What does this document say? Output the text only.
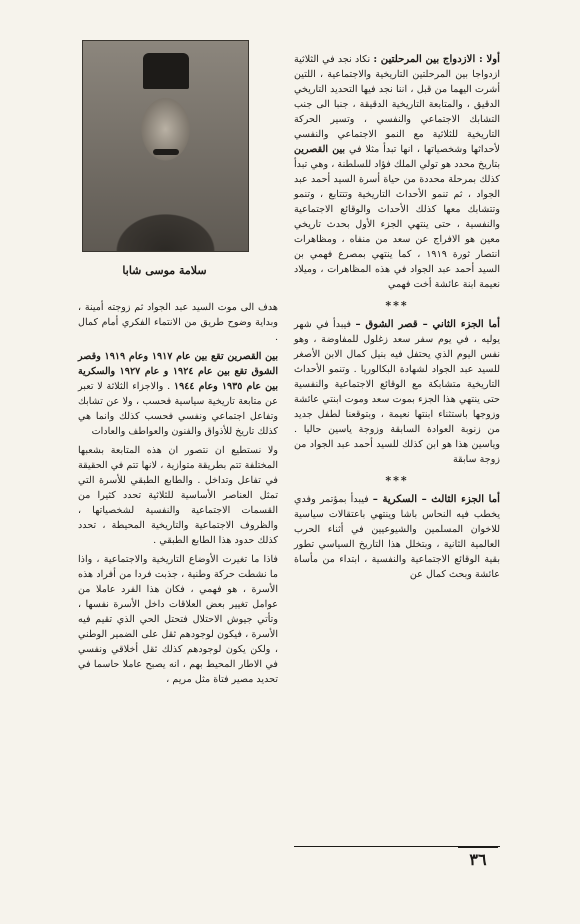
سلامة موسى شابا

أولا : الازدواج بين المرحلتين : نكاد نجد في الثلاثية ازدواجا بين المرحلتين التاريخية والاجتماعية ، اللتين أشرت اليهما من قبل ، اننا نجد فيها التحديد التاريخي الدقيق ، والمتابعة التاريخية الدقيقة ، جنبا الى جنب التشابك الاجتماعي والنفسي ، وتسير الحركة التاريخية للثلاثية مع النمو الاجتماعي والنفسي لأحداثها وشخصياتها ، انها تبدأ مثلا في بين القصرين بتاريخ محدد هو تولي الملك فؤاد للسلطنة ، وهي تبدأ كذلك بمرحلة محددة من حياة أسرة السيد أحمد عبد الجواد ، ثم تنمو الأحداث التاريخية وتتتابع ، وتنمو وتتشابك معها كذلك الأحداث والوقائع الاجتماعية والنفسية ، حتى ينتهي الجزء الأول بحدث تاريخي معين هو الافراج عن سعد من منفاه ، ومظاهرات انتصار ثورة ١٩١٩ ، كما ينتهي بمصرع فهمي بن السيد أحمد عبد الجواد في هذه المظاهرات ، وميلاد نعيمة ابنة عائشة أخت فهمي

***

أما الجزء الثاني – قصر الشوق – فيبدأ في شهر يوليه ، في يوم سفر سعد زغلول للمفاوضة ، وهو نفس اليوم الذي يحتفل فيه بنيل كمال الابن الأصغر للسيد عبد الجواد لشهادة البكالوريا . وتنمو الأحداث التاريخية متشابكة مع الوقائع الاجتماعية والنفسية حتى ينتهي هذا الجزء بموت سعد وموت ابنتي عائشة وزوجها باستثناء ابنتها نعيمة ، وبتوقعنا لطفل جديد من زنوبة العوادة السابقة وزوجة ياسين حاليا . وياسين هذا هو ابن كذلك للسيد أحمد عبد الجواد من زوجة سابقة

***

أما الجزء الثالث – السكرية – فيبدأ بمؤتمر وفدي يخطب فيه النحاس باشا وينتهي باعتقالات سياسية للاخوان المسلمين والشيوعيين في أثناء الحرب العالمية الثانية ، وبتخلل هذا التاريخ السياسي تطور بقية الوقائع الاجتماعية والنفسية ، ابتداء من مأساة عائشة وبحث كمال عن

هدف الى موت السيد عبد الجواد ثم زوجته أمينة ، وبداية وضوح طريق من الانتماء الفكري أمام كمال .

بين القصرين تقع بين عام ١٩١٧ وعام ١٩١٩ وقصر الشوق تقع بين عام ١٩٢٤ و عام ١٩٢٧ والسكرية بين عام ١٩٣٥ وعام ١٩٤٤ . والاجزاء الثلاثة لا تعبر عن متابعة تاريخية سياسية فحسب ، ولا عن تشابك وتفاعل اجتماعي ونفسي فحسب كذلك وانما هي كذلك تاريخ للأذواق والفنون والعواطف والعادات

ولا نستطيع ان نتصور ان هذه المتابعة بشعبها المختلفة تتم بطريقة متوازية ، لانها تتم في الحقيقة في تفاعل وتداخل . والطابع الطبقي للأسرة التي تمثل العناصر الأساسية للثلاثية تحدد كثيرا من القسمات الاجتماعية والنفسية لشخصياتها ، والظروف الاجتماعية والتاريخية المحيطة ، تحدد كذلك حدود هذا الطابع الطبقي .

فاذا ما تغيرت الأوضاع التاريخية والاجتماعية ، واذا ما نشطت حركة وطنية ، جذبت فردا من أفراد هذه الأسرة ، هو فهمي ، فكان هذا الفرد عاملا من عوامل تغيير بعض العلاقات داخل الأسرة نفسها ، وتأتي جيوش الاحتلال فتحتل الحي الذي تقيم فيه الأسرة ، فيكون لوجودهم ثقل على الضمير الوطني ، ولكن يكون لوجودهم كذلك ثقل أخلاقي ونفسي في الاطار المحيط بهم ، انه يصبح عاملا حاسما في تحديد مصير فتاة مثل مريم ،

٣٦
